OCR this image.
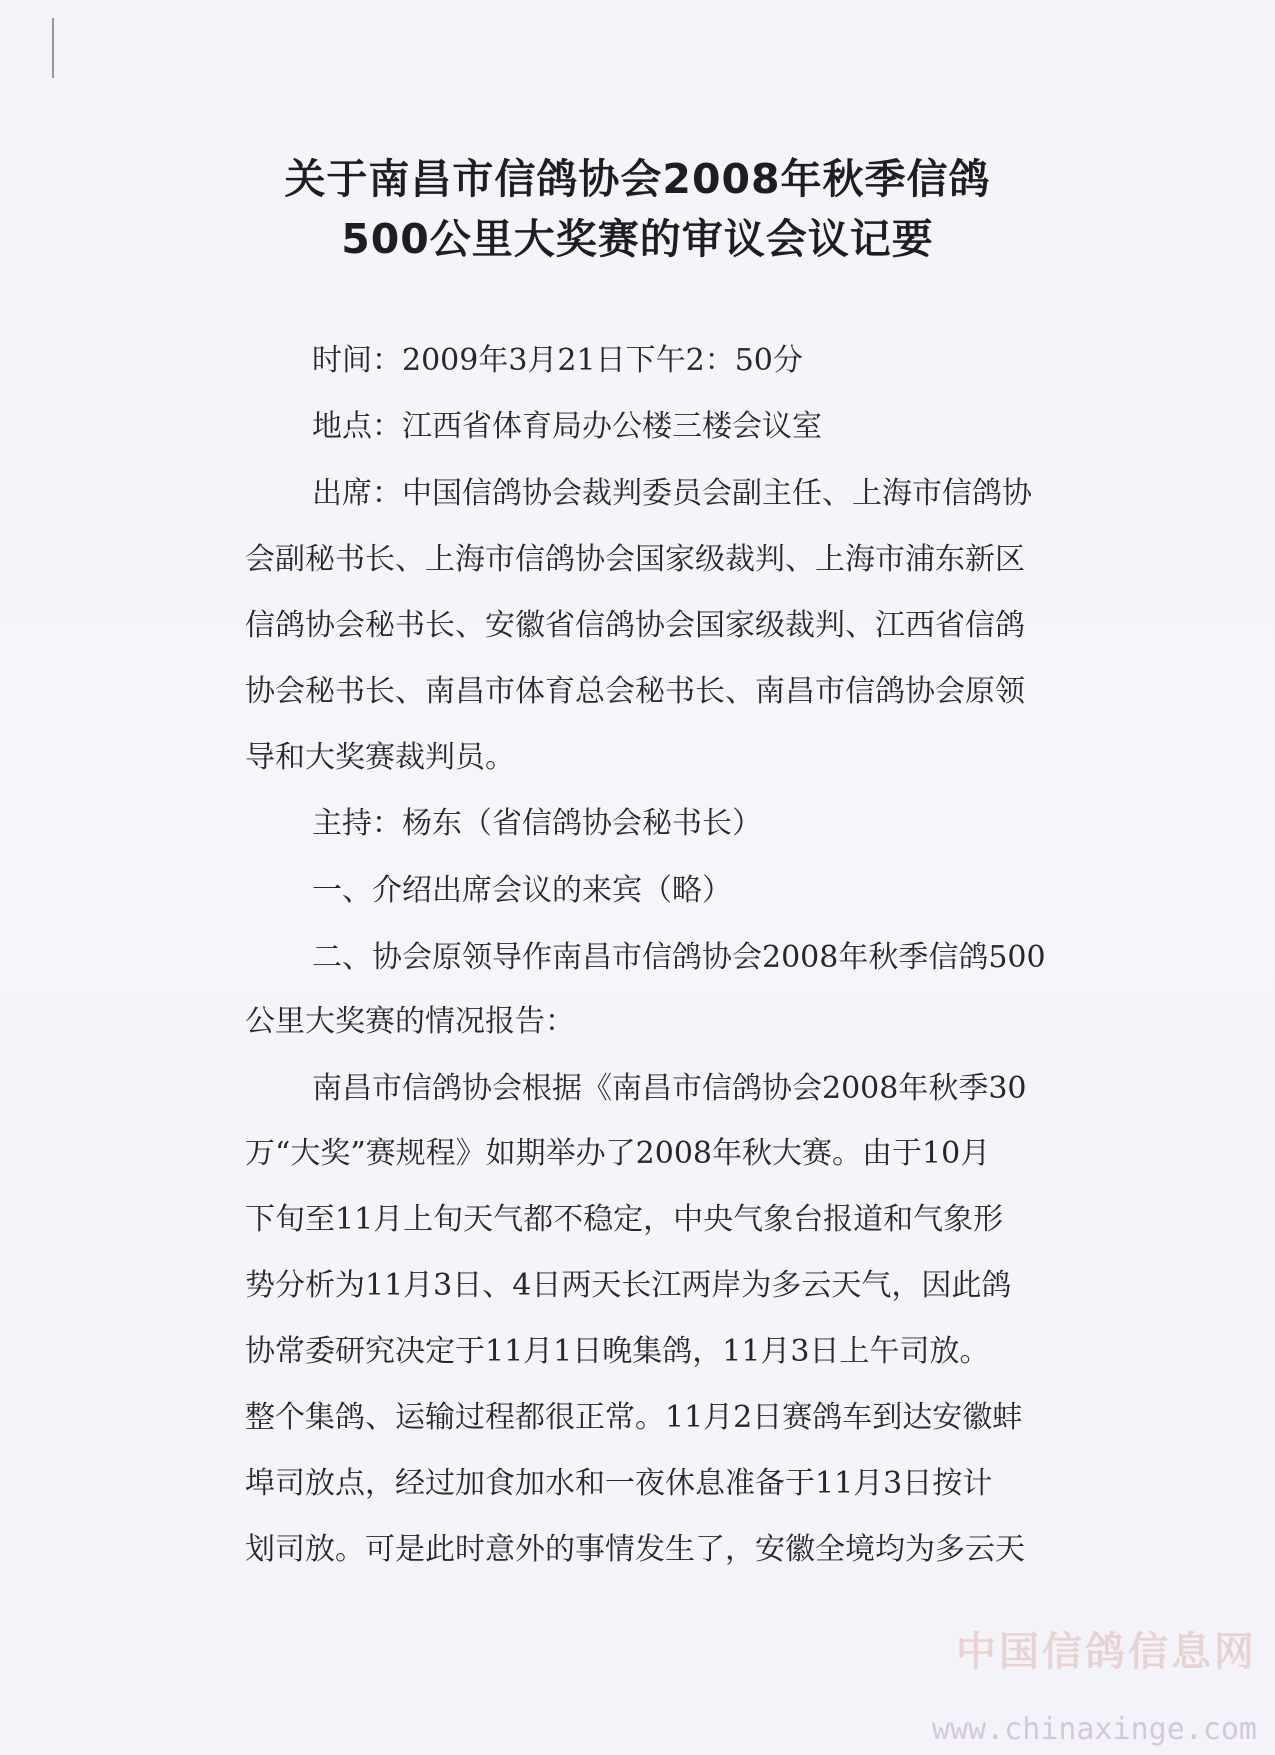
关于南昌市信鸽协会2008年秋季信鸽
500公里大奖赛的审议会议记要
时间：2009年3月21日下午2：50分
地点：江西省体育局办公楼三楼会议室
出席：中国信鸽协会裁判委员会副主任、上海市信鸽协
会副秘书长、上海市信鸽协会国家级裁判、上海市浦东新区
信鸽协会秘书长、安徽省信鸽协会国家级裁判、江西省信鸽
协会秘书长、南昌市体育总会秘书长、南昌市信鸽协会原领
导和大奖赛裁判员。
主持：杨东（省信鸽协会秘书长）
一、介绍出席会议的来宾（略）
二、协会原领导作南昌市信鸽协会2008年秋季信鸽500
公里大奖赛的情况报告：
南昌市信鸽协会根据《南昌市信鸽协会2008年秋季30
万“大奖”赛规程》如期举办了2008年秋大赛。由于10月
下旬至11月上旬天气都不稳定，中央气象台报道和气象形
势分析为11月3日、4日两天长江两岸为多云天气，因此鸽
协常委研究决定于11月1日晚集鸽，11月3日上午司放。
整个集鸽、运输过程都很正常。11月2日赛鸽车到达安徽蚌
埠司放点，经过加食加水和一夜休息准备于11月3日按计
划司放。可是此时意外的事情发生了，安徽全境均为多云天
中国信鸽信息网
www.chinaxinge.com
